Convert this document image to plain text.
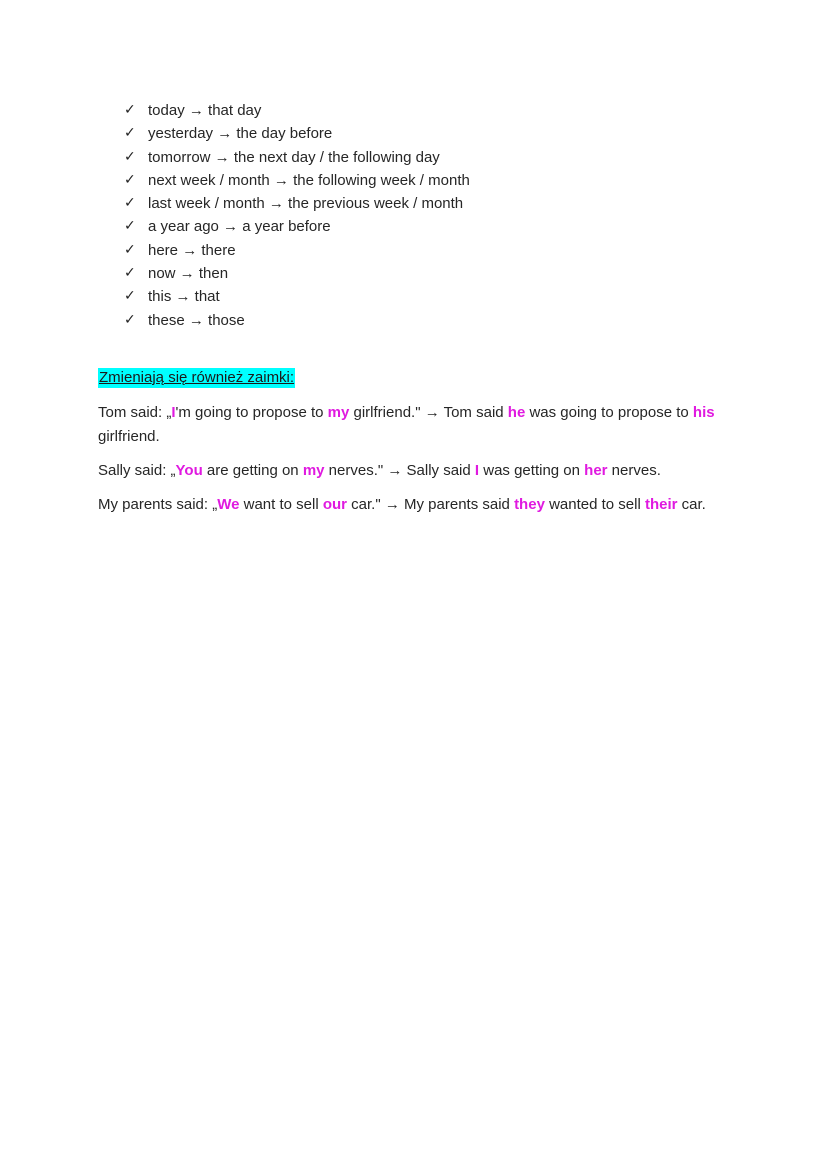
✓ today → that day
✓ yesterday → the day before
✓ tomorrow → the next day / the following day
✓ next week / month → the following week / month
✓ last week / month → the previous week / month
✓ a year ago → a year before
✓ here → there
✓ now → then
✓ this → that
✓ these → those
Zmieniają się również zaimki:

Tom said: „I'm going to propose to my girlfriend." → Tom said he was going to propose to his girlfriend.

Sally said: „You are getting on my nerves." → Sally said I was getting on her nerves.

My parents said: „We want to sell our car." → My parents said they wanted to sell their car.
